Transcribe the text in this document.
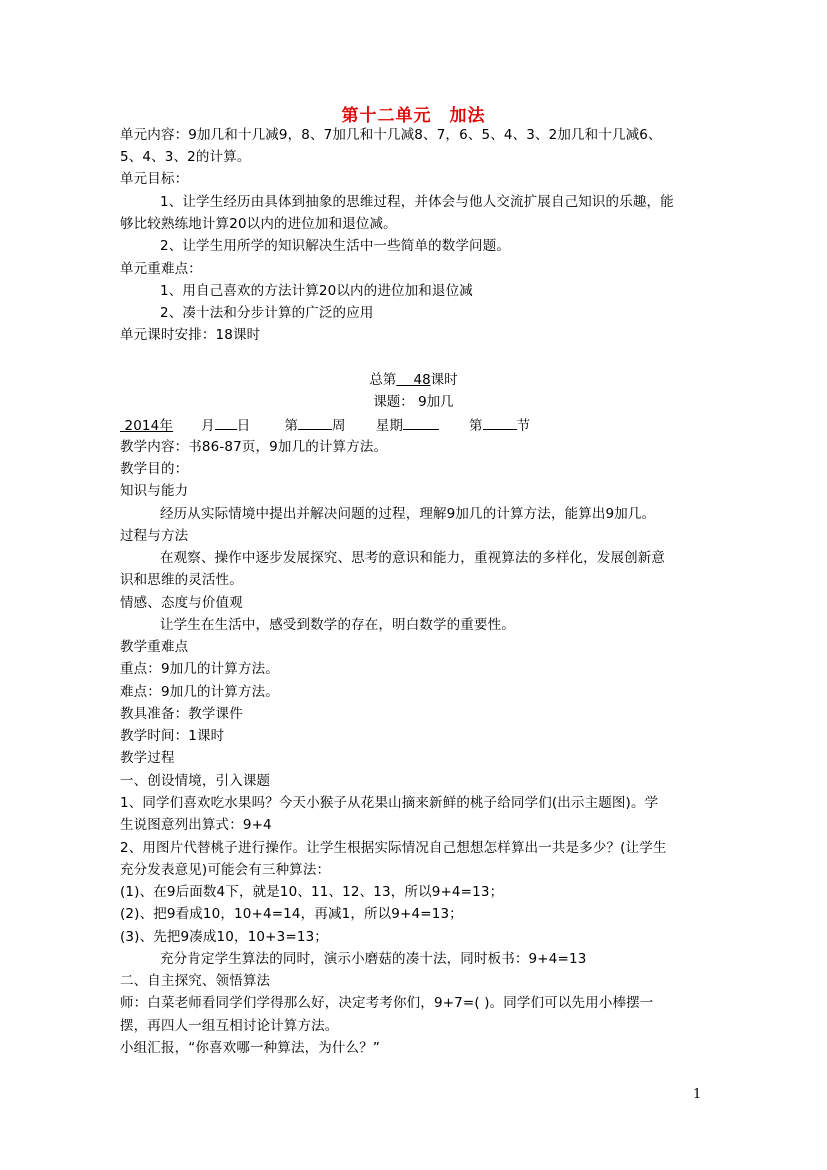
第十二单元 加法
单元内容：9加几和十几减9，8、7加几和十几减8、7，6、5、4、3、2加几和十几减6、
5、4、3、2的计算。
单元目标：
1、让学生经历由具体到抽象的思维过程，并体会与他人交流扩展自己知识的乐趣，能
够比较熟练地计算20以内的进位加和退位减。
2、让学生用所学的知识解决生活中一些简单的数学问题。
单元重难点：
1、用自己喜欢的方法计算20以内的进位加和退位减
2、凑十法和分步计算的广泛的应用
单元课时安排：18课时
总第 48课时
课题： 9加几
2014年 月 日	第	周 星期	第	节
教学内容：书86-87页，9加几的计算方法。
教学目的：
知识与能力
经历从实际情境中提出并解决问题的过程，理解9加几的计算方法，能算出9加几。
过程与方法
在观察、操作中逐步发展探究、思考的意识和能力，重视算法的多样化，发展创新意
识和思维的灵活性。
情感、态度与价值观
让学生在生活中，感受到数学的存在，明白数学的重要性。
教学重难点
重点：9加几的计算方法。
难点：9加几的计算方法。
教具准备：教学课件
教学时间：1课时
教学过程
一、创设情境，引入课题
1、同学们喜欢吃水果吗？今天小猴子从花果山摘来新鲜的桃子给同学们(出示主题图)。学
生说图意列出算式：9+4
2、用图片代替桃子进行操作。让学生根据实际情况自己想想怎样算出一共是多少？(让学生
充分发表意见)可能会有三种算法：
(1)、在9后面数4下，就是10、11、12、13，所以9+4=13；
(2)、把9看成10，10+4=14，再减1，所以9+4=13；
(3)、先把9凑成10，10+3=13；
充分肯定学生算法的同时，演示小磨菇的凑十法，同时板书：9+4=13
二、自主探究、领悟算法
师：白菜老师看同学们学得那么好，决定考考你们，9+7=( )。同学们可以先用小棒摆一
摆，再四人一组互相讨论计算方法。
小组汇报，“你喜欢哪一种算法，为什么？”
1
